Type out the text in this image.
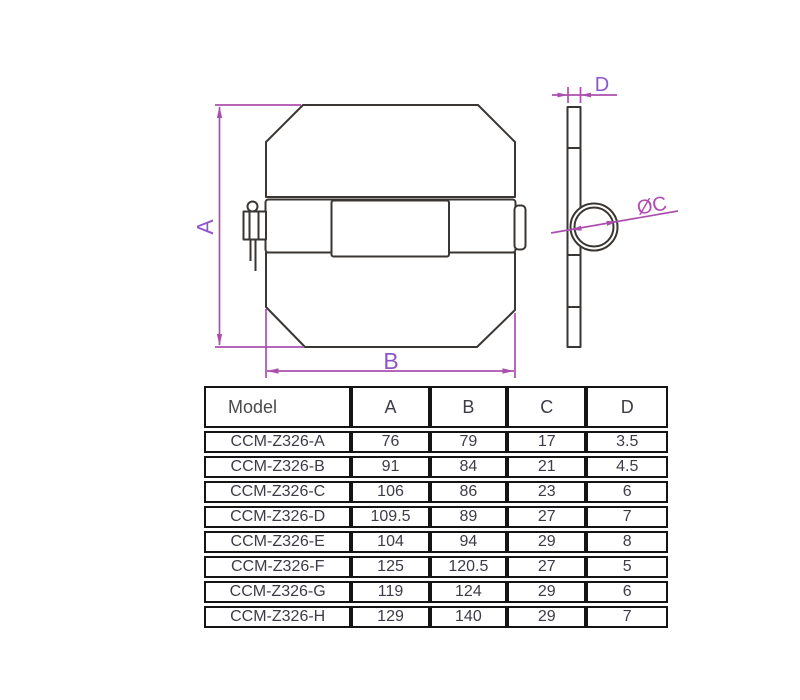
A
B
D
ØC
Model	A	B	C	D
CCM-Z326-A	76	79	17	3.5
CCM-Z326-B	91	84	21	4.5
CCM-Z326-C	106	86	23	6
CCM-Z326-D	109.5	89	27	7
CCM-Z326-E	104	94	29	8
CCM-Z326-F	125	120.5	27	5
CCM-Z326-G	119	124	29	6
CCM-Z326-H	129	140	29	7
